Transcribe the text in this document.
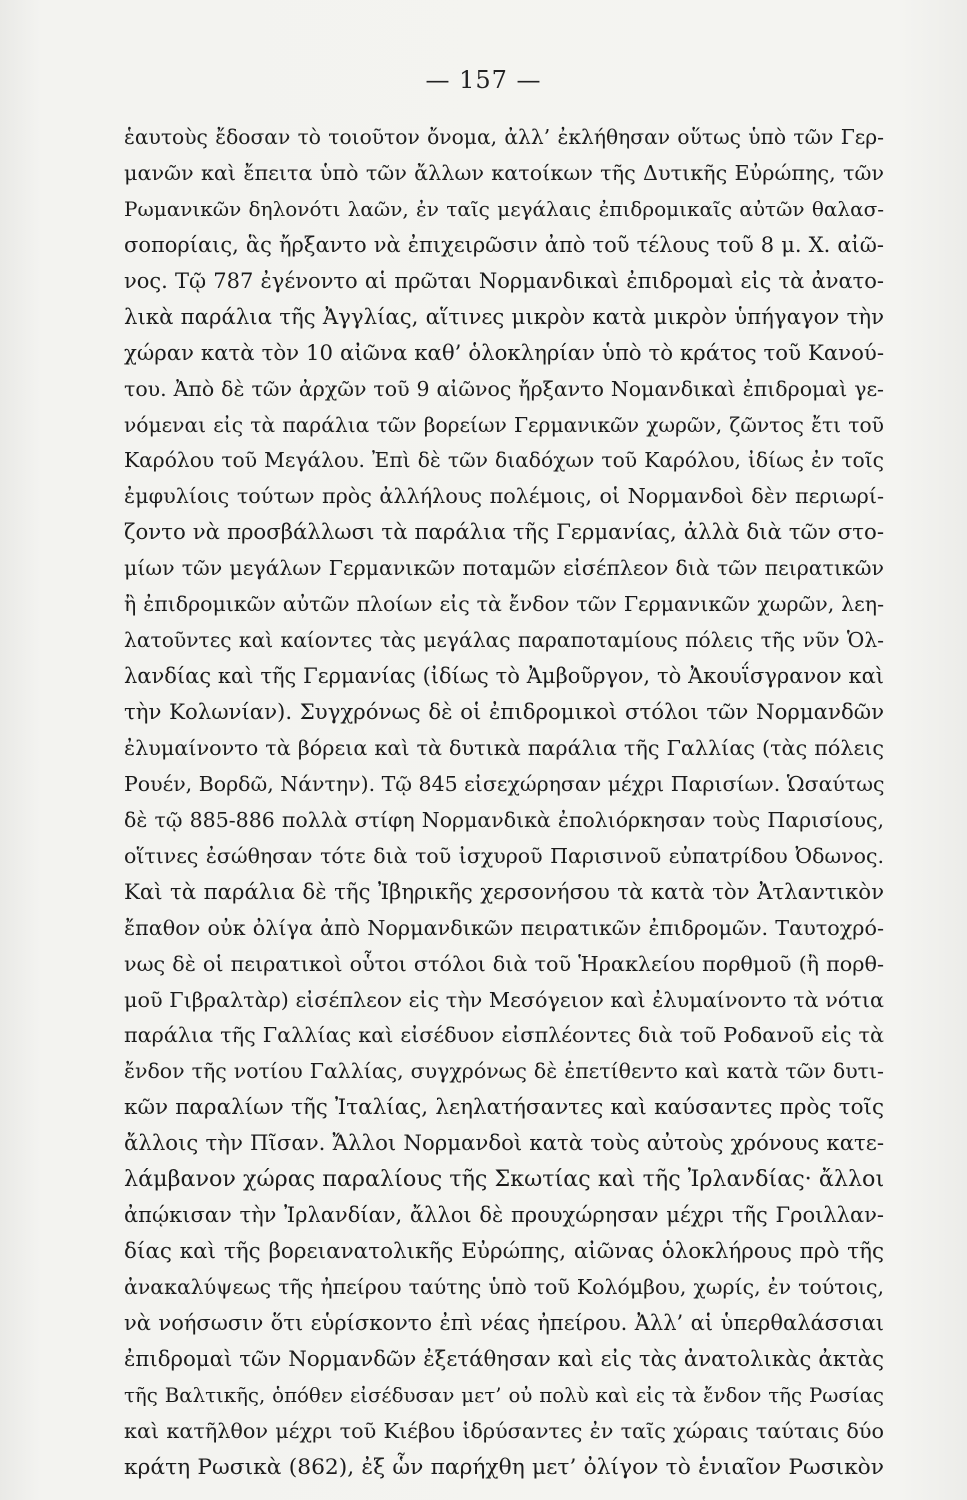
— 157 —
ἑαυτοὺς ἔδοσαν τὸ τοιοῦτον ὄνομα, ἀλλ’ ἐκλήθησαν οὕτως ὑπὸ τῶν Γερ-
μανῶν καὶ ἔπειτα ὑπὸ τῶν ἄλλων κατοίκων τῆς Δυτικῆς Εὐρώπης, τῶν
Ρωμανικῶν δηλονότι λαῶν, ἐν ταῖς μεγάλαις ἐπιδρομικαῖς αὐτῶν θαλασ-
σοπορίαις, ἃς ἤρξαντο νὰ ἐπιχειρῶσιν ἀπὸ τοῦ τέλους τοῦ 8 μ. Χ. αἰῶ-
νος. Τῷ 787 ἐγένοντο αἱ πρῶται Νορμανδικαὶ ἐπιδρομαὶ εἰς τὰ ἀνατο-
λικὰ παράλια τῆς Ἀγγλίας, αἵτινες μικρὸν κατὰ μικρὸν ὑπήγαγον τὴν
χώραν κατὰ τὸν 10 αἰῶνα καθ’ ὁλοκληρίαν ὑπὸ τὸ κράτος τοῦ Κανού-
του. Ἀπὸ δὲ τῶν ἀρχῶν τοῦ 9 αἰῶνος ἤρξαντο Νομανδικαὶ ἐπιδρομαὶ γε-
νόμεναι εἰς τὰ παράλια τῶν βορείων Γερμανικῶν χωρῶν, ζῶντος ἔτι τοῦ
Καρόλου τοῦ Μεγάλου. Ἐπὶ δὲ τῶν διαδόχων τοῦ Καρόλου, ἰδίως ἐν τοῖς
ἐμφυλίοις τούτων πρὸς ἀλλήλους πολέμοις, οἱ Νορμανδοὶ δὲν περιωρί-
ζοντο νὰ προσβάλλωσι τὰ παράλια τῆς Γερμανίας, ἀλλὰ διὰ τῶν στο-
μίων τῶν μεγάλων Γερμανικῶν ποταμῶν εἰσέπλεον διὰ τῶν πειρατικῶν
ἢ ἐπιδρομικῶν αὐτῶν πλοίων εἰς τὰ ἔνδον τῶν Γερμανικῶν χωρῶν, λεη-
λατοῦντες καὶ καίοντες τὰς μεγάλας παραποταμίους πόλεις τῆς νῦν Ὁλ-
λανδίας καὶ τῆς Γερμανίας (ἰδίως τὸ Ἀμβοῦργον, τὸ Ἀκουΐσγρανον καὶ
τὴν Κολωνίαν). Συγχρόνως δὲ οἱ ἐπιδρομικοὶ στόλοι τῶν Νορμανδῶν
ἐλυμαίνοντο τὰ βόρεια καὶ τὰ δυτικὰ παράλια τῆς Γαλλίας (τὰς πόλεις
Ρουέν, Βορδῶ, Νάντην). Τῷ 845 εἰσεχώρησαν μέχρι Παρισίων. Ὡσαύτως
δὲ τῷ 885-886 πολλὰ στίφη Νορμανδικὰ ἐπολιόρκησαν τοὺς Παρισίους,
οἵτινες ἐσώθησαν τότε διὰ τοῦ ἰσχυροῦ Παρισινοῦ εὐπατρίδου Ὀδωνος.
Καὶ τὰ παράλια δὲ τῆς Ἰβηρικῆς χερσονήσου τὰ κατὰ τὸν Ἀτλαντικὸν
ἔπαθον οὐκ ὀλίγα ἀπὸ Νορμανδικῶν πειρατικῶν ἐπιδρομῶν. Ταυτοχρό-
νως δὲ οἱ πειρατικοὶ οὗτοι στόλοι διὰ τοῦ Ἡρακλείου πορθμοῦ (ἢ πορθ-
μοῦ Γιβραλτὰρ) εἰσέπλεον εἰς τὴν Μεσόγειον καὶ ἐλυμαίνοντο τὰ νότια
παράλια τῆς Γαλλίας καὶ εἰσέδυον εἰσπλέοντες διὰ τοῦ Ροδανοῦ εἰς τὰ
ἔνδον τῆς νοτίου Γαλλίας, συγχρόνως δὲ ἐπετίθεντο καὶ κατὰ τῶν δυτι-
κῶν παραλίων τῆς Ἰταλίας, λεηλατήσαντες καὶ καύσαντες πρὸς τοῖς
ἄλλοις τὴν Πῖσαν. Ἄλλοι Νορμανδοὶ κατὰ τοὺς αὐτοὺς χρόνους κατε-
λάμβανον χώρας παραλίους τῆς Σκωτίας καὶ τῆς Ἰρλανδίας· ἄλλοι
ἀπῴκισαν τὴν Ἰρλανδίαν, ἄλλοι δὲ προυχώρησαν μέχρι τῆς Γροιλλαν-
δίας καὶ τῆς βορειανατολικῆς Εὐρώπης, αἰῶνας ὁλοκλήρους πρὸ τῆς
ἀνακαλύψεως τῆς ἠπείρου ταύτης ὑπὸ τοῦ Κολόμβου, χωρίς, ἐν τούτοις,
νὰ νοήσωσιν ὅτι εὑρίσκοντο ἐπὶ νέας ἠπείρου. Ἀλλ’ αἱ ὑπερθαλάσσιαι
ἐπιδρομαὶ τῶν Νορμανδῶν ἐξετάθησαν καὶ εἰς τὰς ἀνατολικὰς ἀκτὰς
τῆς Βαλτικῆς, ὁπόθεν εἰσέδυσαν μετ’ οὐ πολὺ καὶ εἰς τὰ ἔνδον τῆς Ρωσίας
καὶ κατῆλθον μέχρι τοῦ Κιέβου ἱδρύσαντες ἐν ταῖς χώραις ταύταις δύο
κράτη Ρωσικὰ (862), ἐξ ὧν παρήχθη μετ’ ὀλίγον τὸ ἑνιαῖον Ρωσικὸν
